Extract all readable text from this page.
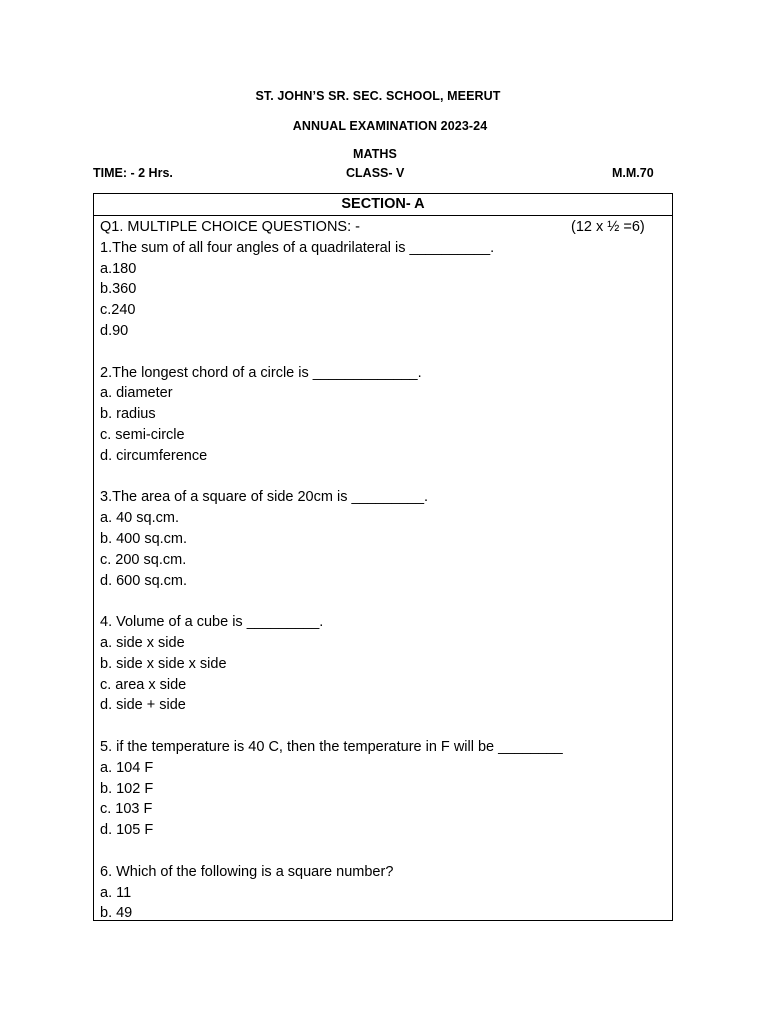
ST. JOHN’S SR. SEC. SCHOOL, MEERUT
ANNUAL EXAMINATION 2023-24
MATHS
TIME: - 2 Hrs.	CLASS- V	M.M.70
SECTION- A
Q1. MULTIPLE CHOICE QUESTIONS: -	(12 x ½ =6)
1.The sum of all four angles of a quadrilateral is __________.
a.180
b.360
c.240
d.90
2.The longest chord of a circle is _____________.
a. diameter
b. radius
c. semi-circle
d. circumference
3.The area of a square of side 20cm is _________.
a. 40 sq.cm.
b. 400 sq.cm.
c. 200 sq.cm.
d. 600 sq.cm.
4. Volume of a cube is _________.
a. side x side
b. side x side x side
c. area x side
d. side + side
5. if the temperature is 40 C, then the temperature in F will be ________
a. 104 F
b. 102 F
c. 103 F
d. 105 F
6. Which of the following is a square number?
a. 11
b. 49
